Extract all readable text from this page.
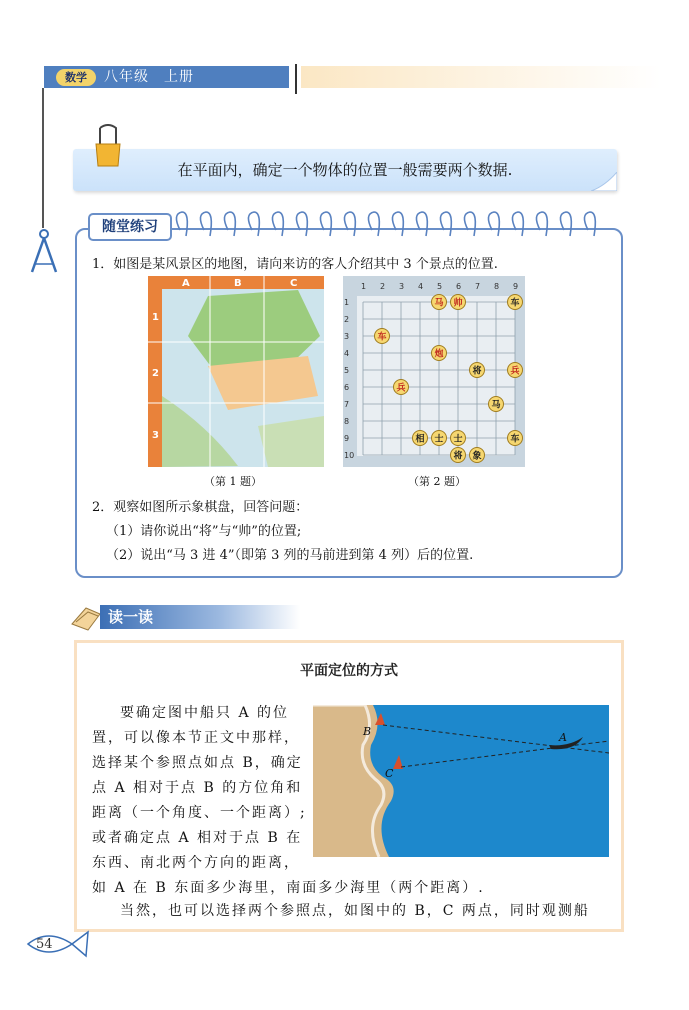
数学	八年级　上册
在平面内，确定一个物体的位置一般需要两个数据.
随堂练习
1．如图是某风景区的地图，请向来访的客人介绍其中 3 个景点的位置.
A	B	C
1
2
3
（第 1 题）
1 2 3 4 5 6 7 8 9
1
2
3
4
5
6
7
8
9
10
马 帅
车
车
炮
将	兵
兵
马
相	车
士 士
将 象
（第 2 题）
2．观察如图所示象棋盘，回答问题：
（1）请你说出“将”与“帅”的位置;
（2）说出“马 3 进 4”（即第 3 列的马前进到第 4 列）后的位置.
读一读
平面定位的方式
要确定图中船只 A 的位
置，可以像本节正文中那样，
选择某个参照点如点 B，确定
点 A 相对于点 B 的方位角和
距离（一个角度、一个距离）;
或者确定点 A 相对于点 B 在
东西、南北两个方向的距离，
如 A 在 B 东面多少海里，南面多少海里（两个距离）.
当然，也可以选择两个参照点，如图中的 B，C 两点，同时观测船
B
C
A
54
